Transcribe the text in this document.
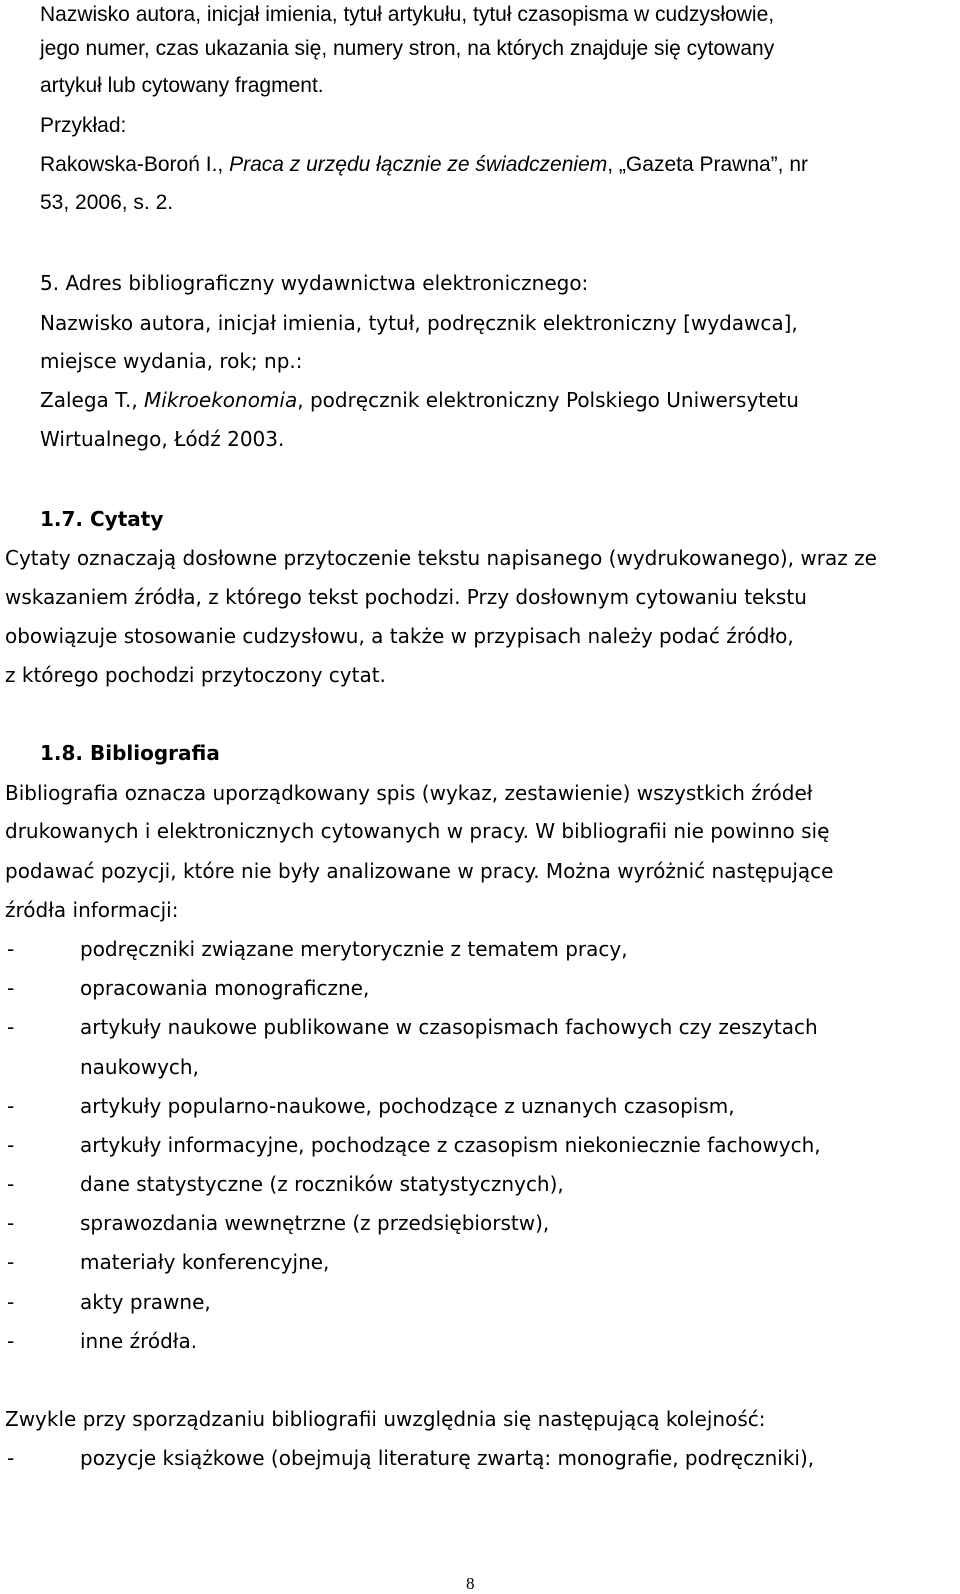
Nazwisko autora, inicjał imienia, tytuł artykułu, tytuł czasopisma w cudzysłowie,
jego numer, czas ukazania się, numery stron, na których znajduje się cytowany
artykuł lub cytowany fragment.
Przykład:
Rakowska-Boroń I., Praca z urzędu łącznie ze świadczeniem, „Gazeta Prawna”, nr
53, 2006, s. 2.
5. Adres bibliograficzny wydawnictwa elektronicznego:
Nazwisko autora, inicjał imienia, tytuł, podręcznik elektroniczny [wydawca],
miejsce wydania, rok; np.:
Zalega T., Mikroekonomia, podręcznik elektroniczny Polskiego Uniwersytetu
Wirtualnego, Łódź 2003.
1.7. Cytaty
Cytaty oznaczają dosłowne przytoczenie tekstu napisanego (wydrukowanego), wraz ze
wskazaniem źródła, z którego tekst pochodzi. Przy dosłownym cytowaniu tekstu
obowiązuje stosowanie cudzysłowu, a także w przypisach należy podać źródło,
z którego pochodzi przytoczony cytat.
1.8. Bibliografia
Bibliografia oznacza uporządkowany spis (wykaz, zestawienie) wszystkich źródeł
drukowanych i elektronicznych cytowanych w pracy. W bibliografii nie powinno się
podawać pozycji, które nie były analizowane w pracy. Można wyróżnić następujące
źródła informacji:
-	podręczniki związane merytorycznie z tematem pracy,
-	opracowania monograficzne,
-	artykuły naukowe publikowane w czasopismach fachowych czy zeszytach
naukowych,
-	artykuły popularno-naukowe, pochodzące z uznanych czasopism,
-	artykuły informacyjne, pochodzące z czasopism niekoniecznie fachowych,
-	dane statystyczne (z roczników statystycznych),
-	sprawozdania wewnętrzne (z przedsiębiorstw),
-	materiały konferencyjne,
-	akty prawne,
-	inne źródła.
Zwykle przy sporządzaniu bibliografii uwzględnia się następującą kolejność:
-	pozycje książkowe (obejmują literaturę zwartą: monografie, podręczniki),
8
